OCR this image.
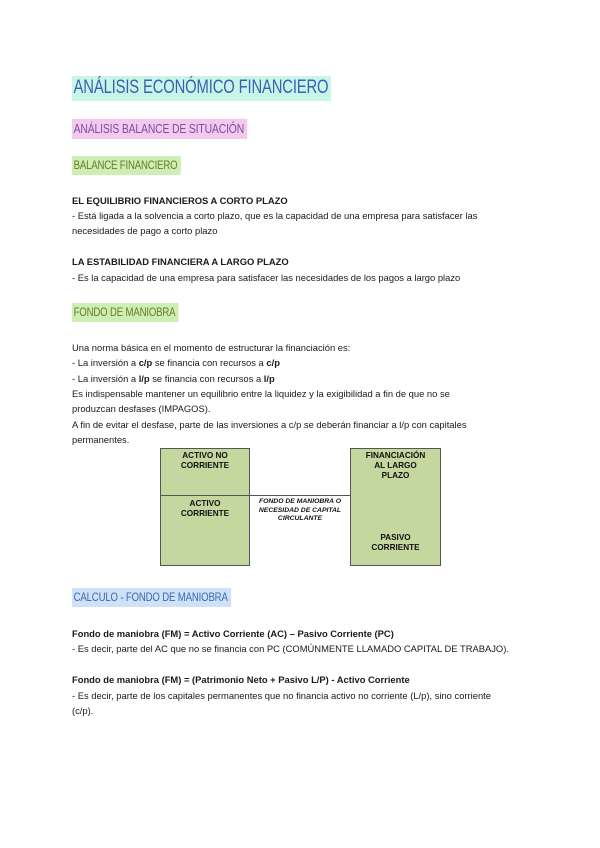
ANÁLISIS ECONÓMICO FINANCIERO
ANÁLISIS BALANCE DE SITUACIÓN
BALANCE FINANCIERO
EL EQUILIBRIO FINANCIEROS A CORTO PLAZO
- Está ligada a la solvencia a corto plazo, que es la capacidad de una empresa para satisfacer las
necesidades de pago a corto plazo
LA ESTABILIDAD FINANCIERA A LARGO PLAZO
- Es la capacidad de una empresa para satisfacer las necesidades de los pagos a largo plazo
FONDO DE MANIOBRA
Una norma básica en el momento de estructurar la financiación es:
- La inversión a c/p se financia con recursos a c/p
- La inversión a l/p se financia con recursos a l/p
Es indispensable mantener un equilibrio entre la liquidez y la exigibilidad a fin de que no se
produzcan desfases (IMPAGOS).
A fin de evitar el desfase, parte de las inversiones a c/p se deberán financiar a l/p con capitales
permanentes.
ACTIVO NO
CORRIENTE
ACTIVO
CORRIENTE
FONDO DE MANIOBRA O
NECESIDAD DE CAPITAL
CIRCULANTE
FINANCIACIÓN
AL LARGO
PLAZO
PASIVO
CORRIENTE
CALCULO - FONDO DE MANIOBRA
Fondo de maniobra (FM) = Activo Corriente (AC) – Pasivo Corriente (PC)
- Es decir, parte del AC que no se financia con PC (COMÚNMENTE LLAMADO CAPITAL DE TRABAJO).
Fondo de maniobra (FM) = (Patrimonio Neto + Pasivo L/P) - Activo Corriente
- Es decir, parte de los capitales permanentes que no financia activo no corriente (L/p), sino corriente
(c/p).
